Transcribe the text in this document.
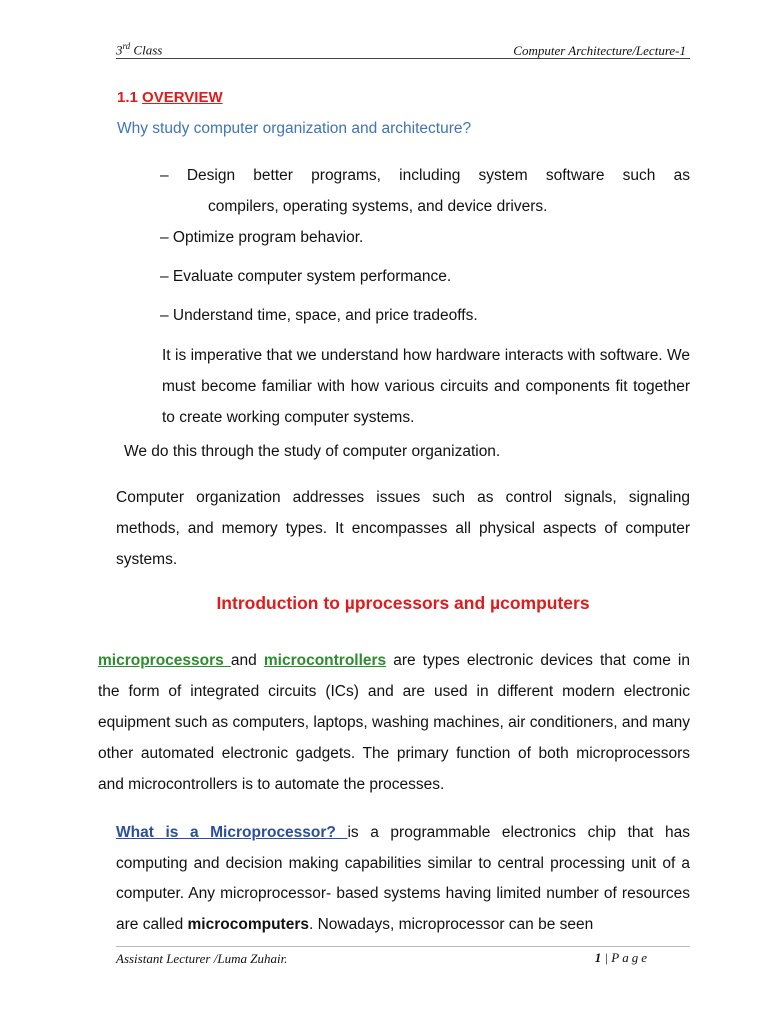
3rd Class	Computer Architecture/Lecture-1
1.1 OVERVIEW
Why study computer organization and architecture?

– Design better programs, including system software such as

compilers, operating systems, and device drivers.

– Optimize program behavior.

– Evaluate computer system performance.

– Understand time, space, and price tradeoffs.

It is imperative that we understand how hardware interacts with software. We must become familiar with how various circuits and components fit together to create working computer systems.
We do this through the study of computer organization.
Computer organization addresses issues such as control signals, signaling methods, and memory types. It encompasses all physical aspects of computer systems.
Introduction to µprocessors and µcomputers
microprocessors and microcontrollers are types electronic devices that come in the form of integrated circuits (ICs) and are used in different modern electronic equipment such as computers, laptops, washing machines, air conditioners, and many other automated electronic gadgets. The primary function of both microprocessors and microcontrollers is to automate the processes.
What is a Microprocessor? is a programmable electronics chip that has computing and decision making capabilities similar to central processing unit of a computer. Any microprocessor- based systems having limited number of resources are called microcomputers. Nowadays, microprocessor can be seen
Assistant Lecturer /Luma Zuhair.	1 | Page
